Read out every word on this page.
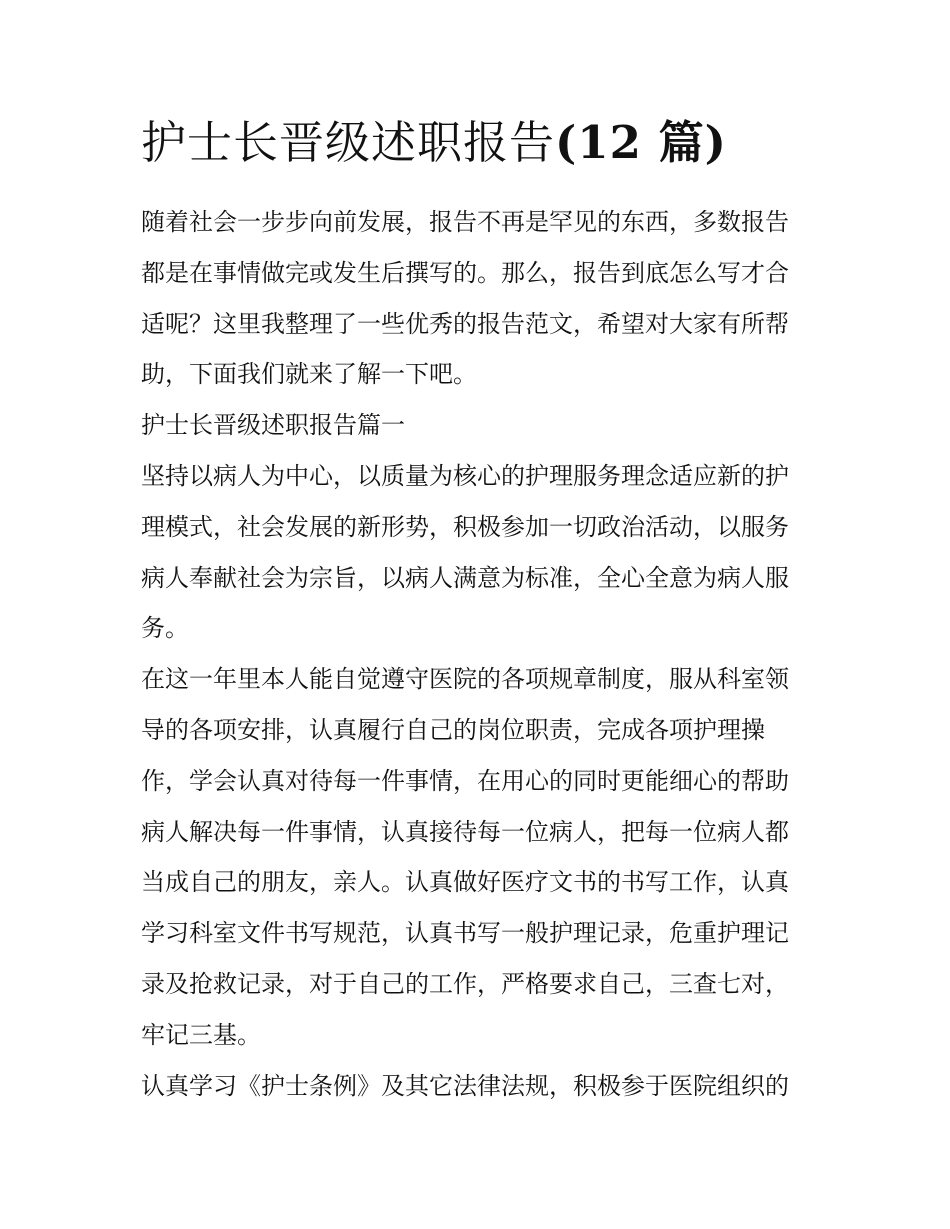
护士长晋级述职报告(12 篇)

随着社会一步步向前发展，报告不再是罕见的东西，多数报告

都是在事情做完或发生后撰写的。那么，报告到底怎么写才合

适呢？这里我整理了一些优秀的报告范文，希望对大家有所帮

助，下面我们就来了解一下吧。

护士长晋级述职报告篇一

坚持以病人为中心，以质量为核心的护理服务理念适应新的护

理模式，社会发展的新形势，积极参加一切政治活动，以服务

病人奉献社会为宗旨，以病人满意为标准，全心全意为病人服

务。

在这一年里本人能自觉遵守医院的各项规章制度，服从科室领

导的各项安排，认真履行自己的岗位职责，完成各项护理操

作，学会认真对待每一件事情，在用心的同时更能细心的帮助

病人解决每一件事情，认真接待每一位病人，把每一位病人都

当成自己的朋友，亲人。认真做好医疗文书的书写工作，认真

学习科室文件书写规范，认真书写一般护理记录，危重护理记

录及抢救记录，对于自己的工作，严格要求自己，三查七对，

牢记三基。

认真学习《护士条例》及其它法律法规，积极参于医院组织的
